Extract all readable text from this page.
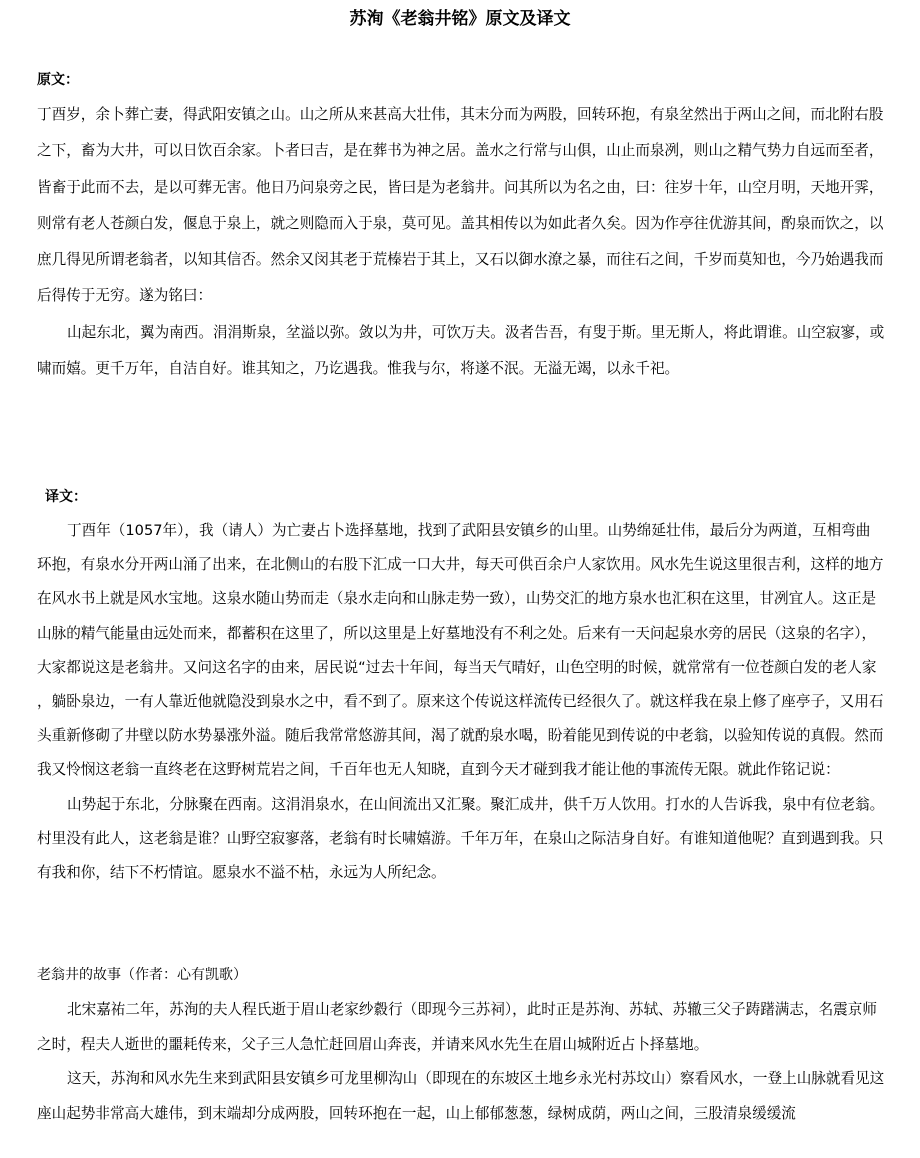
苏洵《老翁井铭》原文及译文
原文：
丁酉岁，余卜葬亡妻，得武阳安镇之山。山之所从来甚高大壮伟，其末分而为两股，回转环抱，有泉坌然出于两山之间，而北附右股
之下，畜为大井，可以日饮百余家。卜者曰吉，是在葬书为神之居。盖水之行常与山俱，山止而泉冽，则山之精气势力自远而至者，
皆畜于此而不去，是以可葬无害。他日乃问泉旁之民，皆曰是为老翁井。问其所以为名之由，曰：往岁十年，山空月明，天地开霁，
则常有老人苍颜白发，偃息于泉上，就之则隐而入于泉，莫可见。盖其相传以为如此者久矣。因为作亭往优游其间，酌泉而饮之，以
庶几得见所谓老翁者，以知其信否。然余又闵其老于荒榛岩于其上，又石以御水潦之暴，而往石之间，千岁而莫知也，今乃始遇我而
后得传于无穷。遂为铭曰：
山起东北，翼为南西。涓涓斯泉，坌溢以弥。敛以为井，可饮万夫。汲者告吾，有叟于斯。里无斯人，将此谓谁。山空寂寥，或
啸而嬉。更千万年，自洁自好。谁其知之，乃讫遇我。惟我与尔，将遂不泯。无溢无竭，以永千祀。
译文：
丁酉年（1057年），我（请人）为亡妻占卜选择墓地，找到了武阳县安镇乡的山里。山势绵延壮伟，最后分为两道，互相弯曲
环抱，有泉水分开两山涌了出来，在北侧山的右股下汇成一口大井，每天可供百余户人家饮用。风水先生说这里很吉利，这样的地方
在风水书上就是风水宝地。这泉水随山势而走（泉水走向和山脉走势一致），山势交汇的地方泉水也汇积在这里，甘冽宜人。这正是
山脉的精气能量由远处而来，都蓄积在这里了，所以这里是上好墓地没有不利之处。后来有一天问起泉水旁的居民（这泉的名字），
大家都说这是老翁井。又问这名字的由来，居民说“过去十年间，每当天气晴好，山色空明的时候，就常常有一位苍颜白发的老人家
，躺卧泉边，一有人靠近他就隐没到泉水之中，看不到了。原来这个传说这样流传已经很久了。就这样我在泉上修了座亭子，又用石
头重新修砌了井壁以防水势暴涨外溢。随后我常常悠游其间，渴了就酌泉水喝，盼着能见到传说的中老翁，以验知传说的真假。然而
我又怜悯这老翁一直终老在这野树荒岩之间，千百年也无人知晓，直到今天才碰到我才能让他的事流传无限。就此作铭记说：
山势起于东北，分脉聚在西南。这涓涓泉水，在山间流出又汇聚。聚汇成井，供千万人饮用。打水的人告诉我，泉中有位老翁。
村里没有此人，这老翁是谁？山野空寂寥落，老翁有时长啸嬉游。千年万年，在泉山之际洁身自好。有谁知道他呢？直到遇到我。只
有我和你，结下不朽情谊。愿泉水不溢不枯，永远为人所纪念。
老翁井的故事（作者：心有凯歌）
北宋嘉祐二年，苏洵的夫人程氏逝于眉山老家纱縠行（即现今三苏祠），此时正是苏洵、苏轼、苏辙三父子踌躇满志，名震京师
之时，程夫人逝世的噩耗传来，父子三人急忙赶回眉山奔丧，并请来风水先生在眉山城附近占卜择墓地。
这天，苏洵和风水先生来到武阳县安镇乡可龙里柳沟山（即现在的东坡区土地乡永光村苏坟山）察看风水，一登上山脉就看见这
座山起势非常高大雄伟，到末端却分成两股，回转环抱在一起，山上郁郁葱葱，绿树成荫，两山之间，三股清泉缓缓流
